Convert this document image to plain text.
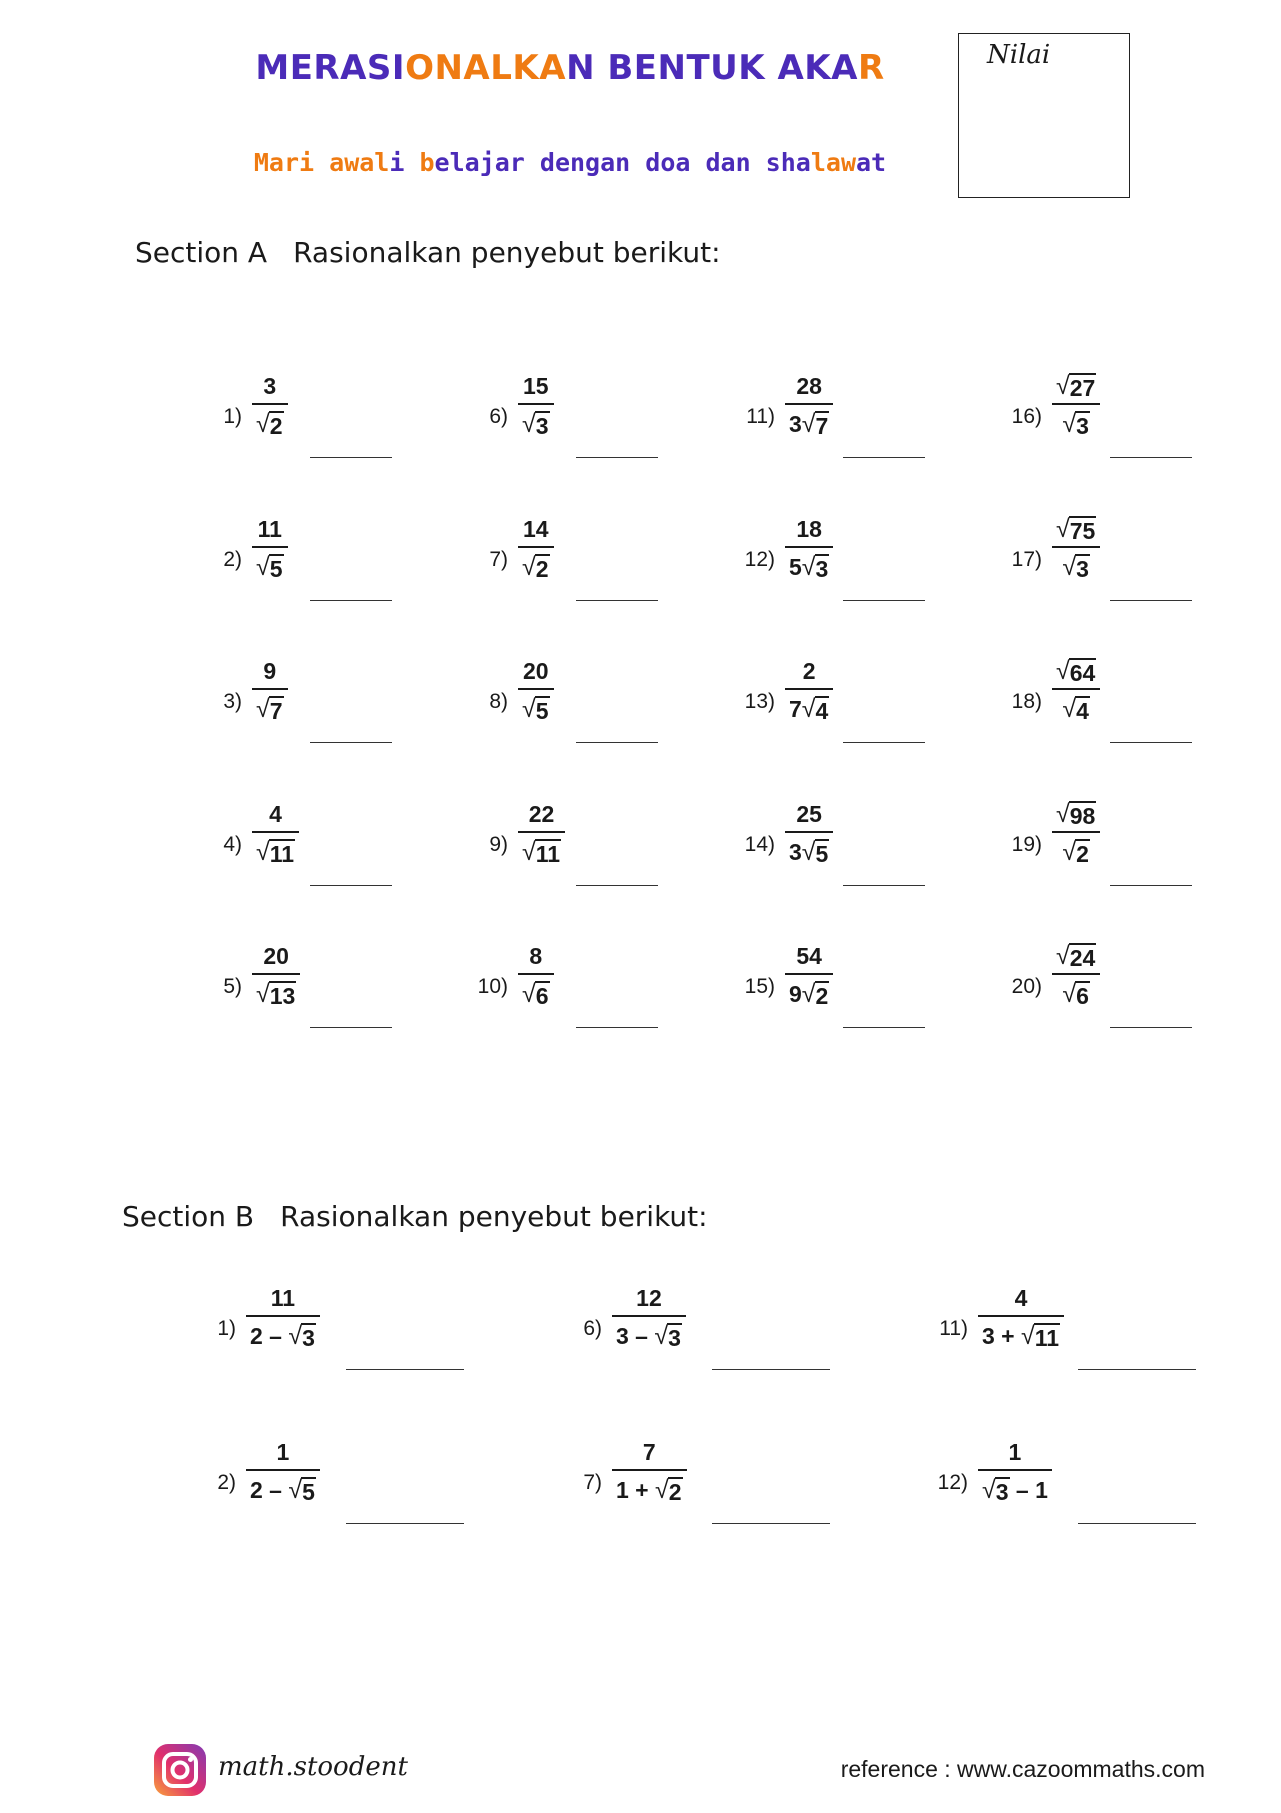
MERASIONALKAN BENTUK AKAR

Mari awali belajar dengan doa dan shalawat

Nilai
Section A Rasionalkan penyebut berikut:
1)
3
√ 2
2)
11
√ 5
3)
9
√ 7
4)
4
√ 11
5)
20
√ 13
6)
15
√ 3
7)
14
√ 2
8)
20
√ 5
9)
22
√ 11
10)
8
√ 6
11)
28
3 √ 7
12)
18
5 √ 3
13)
2
7 √ 4
14)
25
3 √ 5
15)
54
9 √ 2
16)
√ 27
√ 3
17)
√ 75
√ 3
18)
√ 64
√ 4
19)
√ 98
√ 2
20)
√ 24
√ 6
Section B Rasionalkan penyebut berikut:
1)
11
2 – √ 3
2)
1
2 – √ 5
6)
12
3 – √ 3
7)
7
1 + √ 2
11)
4
3 + √ 11
12)
1
√ 3 – 1
math.stoodent	reference : www.cazoommaths.com
